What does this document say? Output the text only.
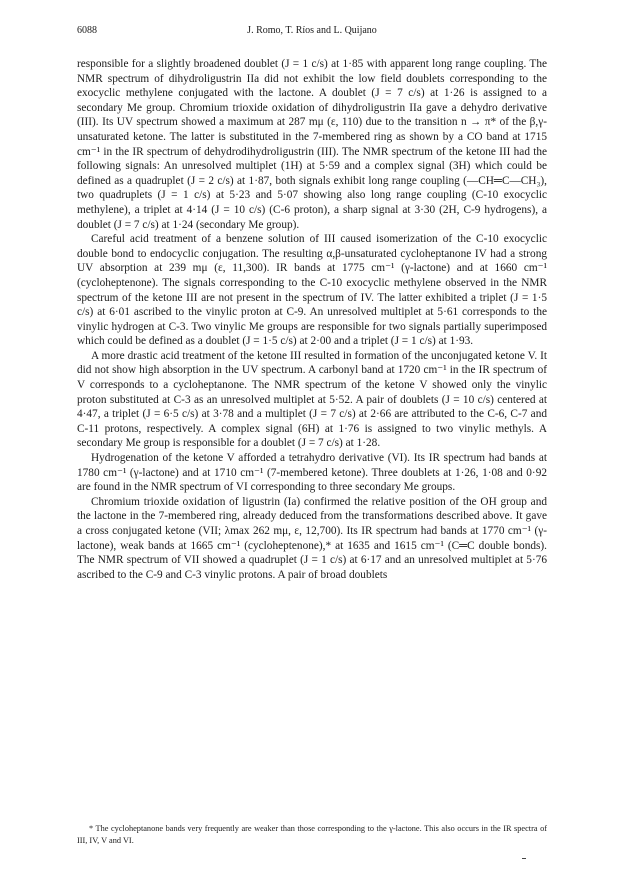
6088	J. Romo, T. Ríos and L. Quijano

responsible for a slightly broadened doublet (J = 1 c/s) at 1·85 with apparent long range coupling. The NMR spectrum of dihydroligustrin IIa did not exhibit the low field doublets corresponding to the exocyclic methylene conjugated with the lactone. A doublet (J = 7 c/s) at 1·26 is assigned to a secondary Me group. Chromium trioxide oxidation of dihydroligustrin IIa gave a dehydro derivative (III). Its UV spectrum showed a maximum at 287 mμ (ε, 110) due to the transition n → π* of the β,γ-unsaturated ketone. The latter is substituted in the 7-membered ring as shown by a CO band at 1715 cm⁻¹ in the IR spectrum of dehydrodihydroligustrin (III). The NMR spectrum of the ketone III had the following signals: An unresolved multiplet (1H) at 5·59 and a complex signal (3H) which could be defined as a quadruplet (J = 2 c/s) at 1·87, both signals exhibit long range coupling (—CH═C—CH₃), two quadruplets (J = 1 c/s) at 5·23 and 5·07 showing also long range coupling (C-10 exocyclic methylene), a triplet at 4·14 (J = 10 c/s) (C-6 proton), a sharp signal at 3·30 (2H, C-9 hydrogens), a doublet (J = 7 c/s) at 1·24 (secondary Me group).

Careful acid treatment of a benzene solution of III caused isomerization of the C-10 exocyclic double bond to endocyclic conjugation. The resulting α,β-unsaturated cycloheptanone IV had a strong UV absorption at 239 mμ (ε, 11,300). IR bands at 1775 cm⁻¹ (γ-lactone) and at 1660 cm⁻¹ (cycloheptenone). The signals corresponding to the C-10 exocyclic methylene observed in the NMR spectrum of the ketone III are not present in the spectrum of IV. The latter exhibited a triplet (J = 1·5 c/s) at 6·01 ascribed to the vinylic proton at C-9. An unresolved multiplet at 5·61 corresponds to the vinylic hydrogen at C-3. Two vinylic Me groups are responsible for two signals partially superimposed which could be defined as a doublet (J = 1·5 c/s) at 2·00 and a triplet (J = 1 c/s) at 1·93.

A more drastic acid treatment of the ketone III resulted in formation of the unconjugated ketone V. It did not show high absorption in the UV spectrum. A carbonyl band at 1720 cm⁻¹ in the IR spectrum of V corresponds to a cycloheptanone. The NMR spectrum of the ketone V showed only the vinylic proton substituted at C-3 as an unresolved multiplet at 5·52. A pair of doublets (J = 10 c/s) centered at 4·47, a triplet (J = 6·5 c/s) at 3·78 and a multiplet (J = 7 c/s) at 2·66 are attributed to the C-6, C-7 and C-11 protons, respectively. A complex signal (6H) at 1·76 is assigned to two vinylic methyls. A secondary Me group is responsible for a doublet (J = 7 c/s) at 1·28.

Hydrogenation of the ketone V afforded a tetrahydro derivative (VI). Its IR spectrum had bands at 1780 cm⁻¹ (γ-lactone) and at 1710 cm⁻¹ (7-membered ketone). Three doublets at 1·26, 1·08 and 0·92 are found in the NMR spectrum of VI corresponding to three secondary Me groups.

Chromium trioxide oxidation of ligustrin (Ia) confirmed the relative position of the OH group and the lactone in the 7-membered ring, already deduced from the transformations described above. It gave a cross conjugated ketone (VII; λmax 262 mμ, ε, 12,700). Its IR spectrum had bands at 1770 cm⁻¹ (γ-lactone), weak bands at 1665 cm⁻¹ (cycloheptenone),* at 1635 and 1615 cm⁻¹ (C═C double bonds). The NMR spectrum of VII showed a quadruplet (J = 1 c/s) at 6·17 and an unresolved multiplet at 5·76 ascribed to the C-9 and C-3 vinylic protons. A pair of broad doublets

* The cycloheptanone bands very frequently are weaker than those corresponding to the γ-lactone. This also occurs in the IR spectra of III, IV, V and VI.
